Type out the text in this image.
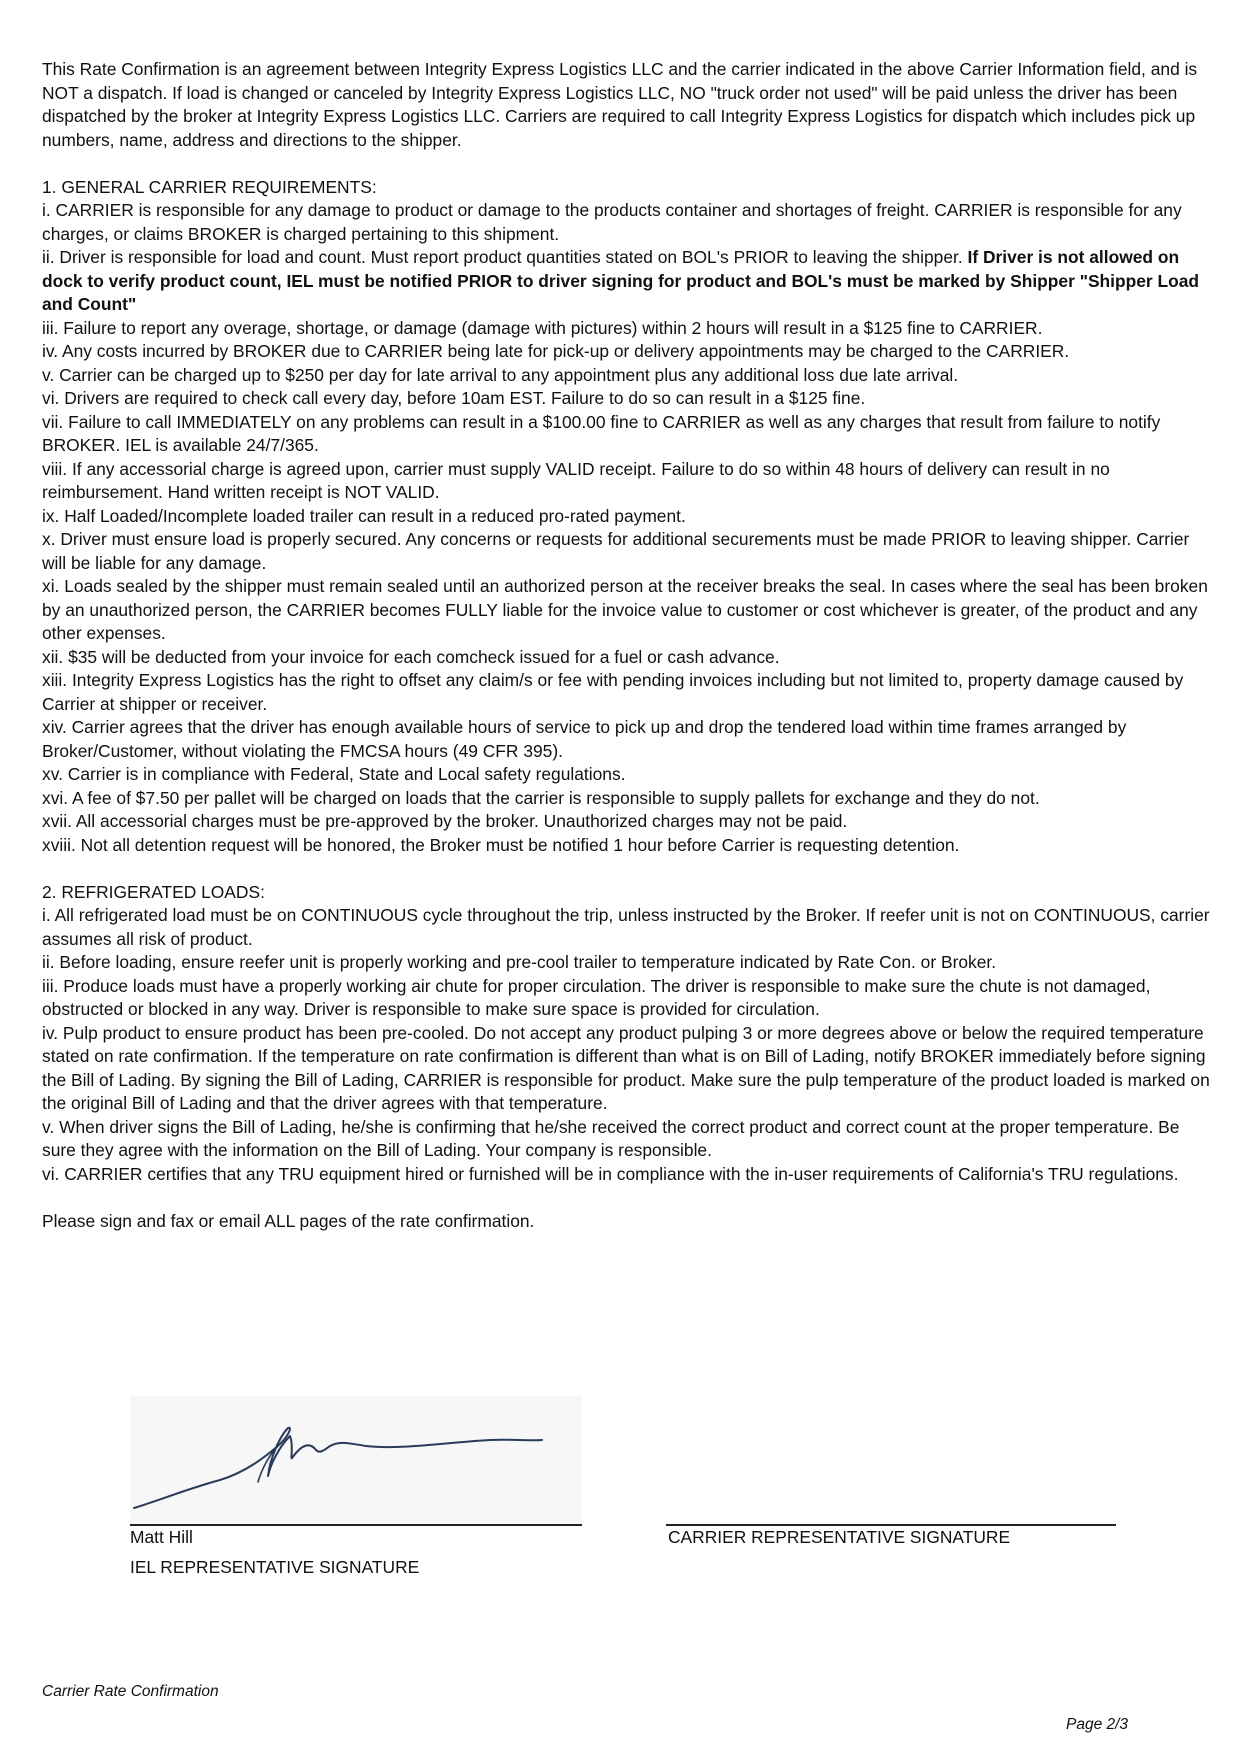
This Rate Confirmation is an agreement between Integrity Express Logistics LLC and the carrier indicated in the above Carrier Information field, and is NOT a dispatch. If load is changed or canceled by Integrity Express Logistics LLC, NO "truck order not used" will be paid unless the driver has been dispatched by the broker at Integrity Express Logistics LLC. Carriers are required to call Integrity Express Logistics for dispatch which includes pick up numbers, name, address and directions to the shipper.

1. GENERAL CARRIER REQUIREMENTS:

i. CARRIER is responsible for any damage to product or damage to the products container and shortages of freight. CARRIER is responsible for any charges, or claims BROKER is charged pertaining to this shipment.

ii. Driver is responsible for load and count. Must report product quantities stated on BOL's PRIOR to leaving the shipper. If Driver is not allowed on dock to verify product count, IEL must be notified PRIOR to driver signing for product and BOL's must be marked by Shipper "Shipper Load and Count"

iii. Failure to report any overage, shortage, or damage (damage with pictures) within 2 hours will result in a $125 fine to CARRIER.

iv. Any costs incurred by BROKER due to CARRIER being late for pick-up or delivery appointments may be charged to the CARRIER.

v. Carrier can be charged up to $250 per day for late arrival to any appointment plus any additional loss due late arrival.

vi. Drivers are required to check call every day, before 10am EST. Failure to do so can result in a $125 fine.

vii. Failure to call IMMEDIATELY on any problems can result in a $100.00 fine to CARRIER as well as any charges that result from failure to notify BROKER. IEL is available 24/7/365.

viii. If any accessorial charge is agreed upon, carrier must supply VALID receipt. Failure to do so within 48 hours of delivery can result in no reimbursement. Hand written receipt is NOT VALID.

ix. Half Loaded/Incomplete loaded trailer can result in a reduced pro-rated payment.

x. Driver must ensure load is properly secured. Any concerns or requests for additional securements must be made PRIOR to leaving shipper. Carrier will be liable for any damage.

xi. Loads sealed by the shipper must remain sealed until an authorized person at the receiver breaks the seal. In cases where the seal has been broken by an unauthorized person, the CARRIER becomes FULLY liable for the invoice value to customer or cost whichever is greater, of the product and any other expenses.

xii. $35 will be deducted from your invoice for each comcheck issued for a fuel or cash advance.

xiii. Integrity Express Logistics has the right to offset any claim/s or fee with pending invoices including but not limited to, property damage caused by Carrier at shipper or receiver.

xiv. Carrier agrees that the driver has enough available hours of service to pick up and drop the tendered load within time frames arranged by Broker/Customer, without violating the FMCSA hours (49 CFR 395).

xv. Carrier is in compliance with Federal, State and Local safety regulations.

xvi. A fee of $7.50 per pallet will be charged on loads that the carrier is responsible to supply pallets for exchange and they do not.

xvii. All accessorial charges must be pre-approved by the broker. Unauthorized charges may not be paid.

xviii. Not all detention request will be honored, the Broker must be notified 1 hour before Carrier is requesting detention.

2. REFRIGERATED LOADS:

i. All refrigerated load must be on CONTINUOUS cycle throughout the trip, unless instructed by the Broker. If reefer unit is not on CONTINUOUS, carrier assumes all risk of product.

ii. Before loading, ensure reefer unit is properly working and pre-cool trailer to temperature indicated by Rate Con. or Broker.

iii. Produce loads must have a properly working air chute for proper circulation. The driver is responsible to make sure the chute is not damaged, obstructed or blocked in any way. Driver is responsible to make sure space is provided for circulation.

iv. Pulp product to ensure product has been pre-cooled. Do not accept any product pulping 3 or more degrees above or below the required temperature stated on rate confirmation. If the temperature on rate confirmation is different than what is on Bill of Lading, notify BROKER immediately before signing the Bill of Lading. By signing the Bill of Lading, CARRIER is responsible for product. Make sure the pulp temperature of the product loaded is marked on the original Bill of Lading and that the driver agrees with that temperature.

v. When driver signs the Bill of Lading, he/she is confirming that he/she received the correct product and correct count at the proper temperature. Be sure they agree with the information on the Bill of Lading. Your company is responsible.

vi. CARRIER certifies that any TRU equipment hired or furnished will be in compliance with the in-user requirements of California's TRU regulations.

Please sign and fax or email ALL pages of the rate confirmation.

Matt Hill
IEL REPRESENTATIVE SIGNATURE
CARRIER REPRESENTATIVE SIGNATURE
Carrier Rate Confirmation
Page 2/3
